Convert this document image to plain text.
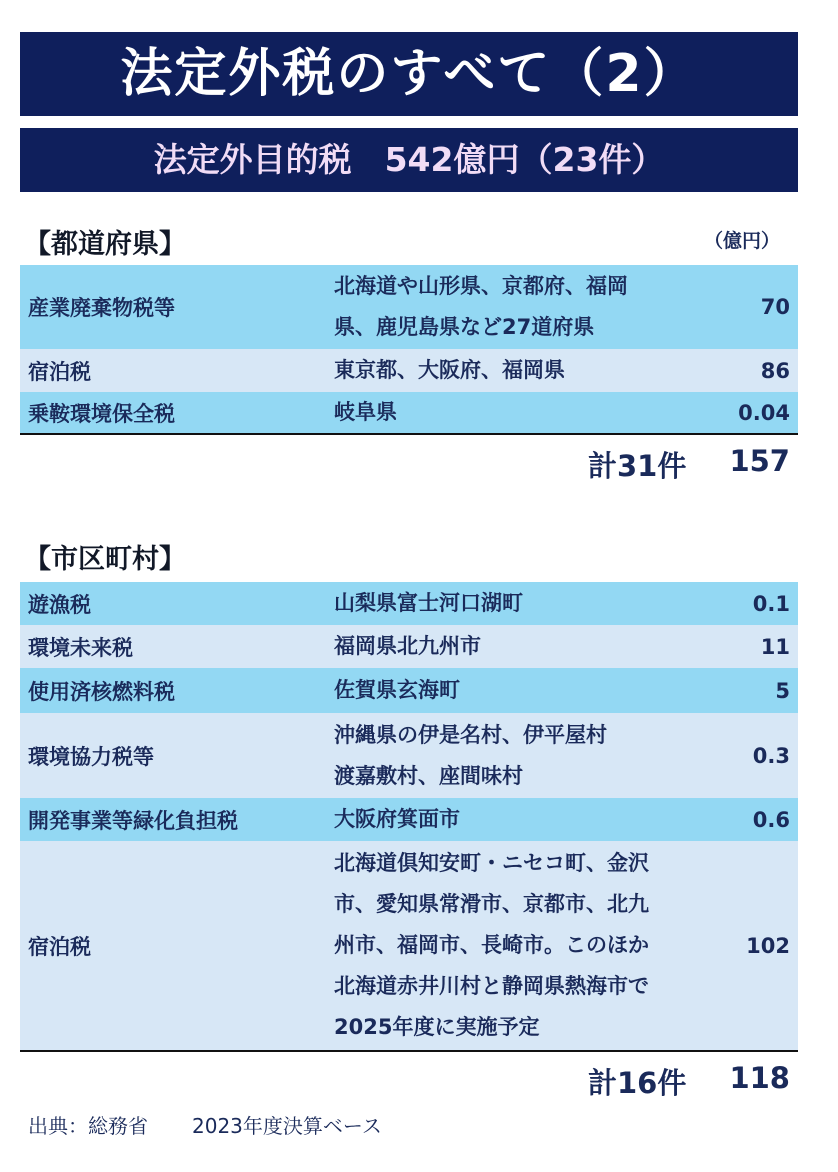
法定外税のすべて（2）
法定外目的税　542億円（23件）
【都道府県】	（億円）
産業廃棄物税等	北海道や山形県、京都府、福岡
県、鹿児島県など27道府県	70
宿泊税	東京都、大阪府、福岡県	86
乗鞍環境保全税	岐阜県	0.04
計31件 157
【市区町村】
遊漁税	山梨県富士河口湖町	0.1
環境未来税	福岡県北九州市	11
使用済核燃料税	佐賀県玄海町	5
環境協力税等	沖縄県の伊是名村、伊平屋村
渡嘉敷村、座間味村	0.3
開発事業等緑化負担税	大阪府箕面市	0.6
宿泊税	北海道倶知安町・ニセコ町、金沢
市、愛知県常滑市、京都市、北九
州市、福岡市、長崎市。このほか
北海道赤井川村と静岡県熱海市で
2025年度に実施予定	102
計16件 118
出典：総務省 2023年度決算ベース
